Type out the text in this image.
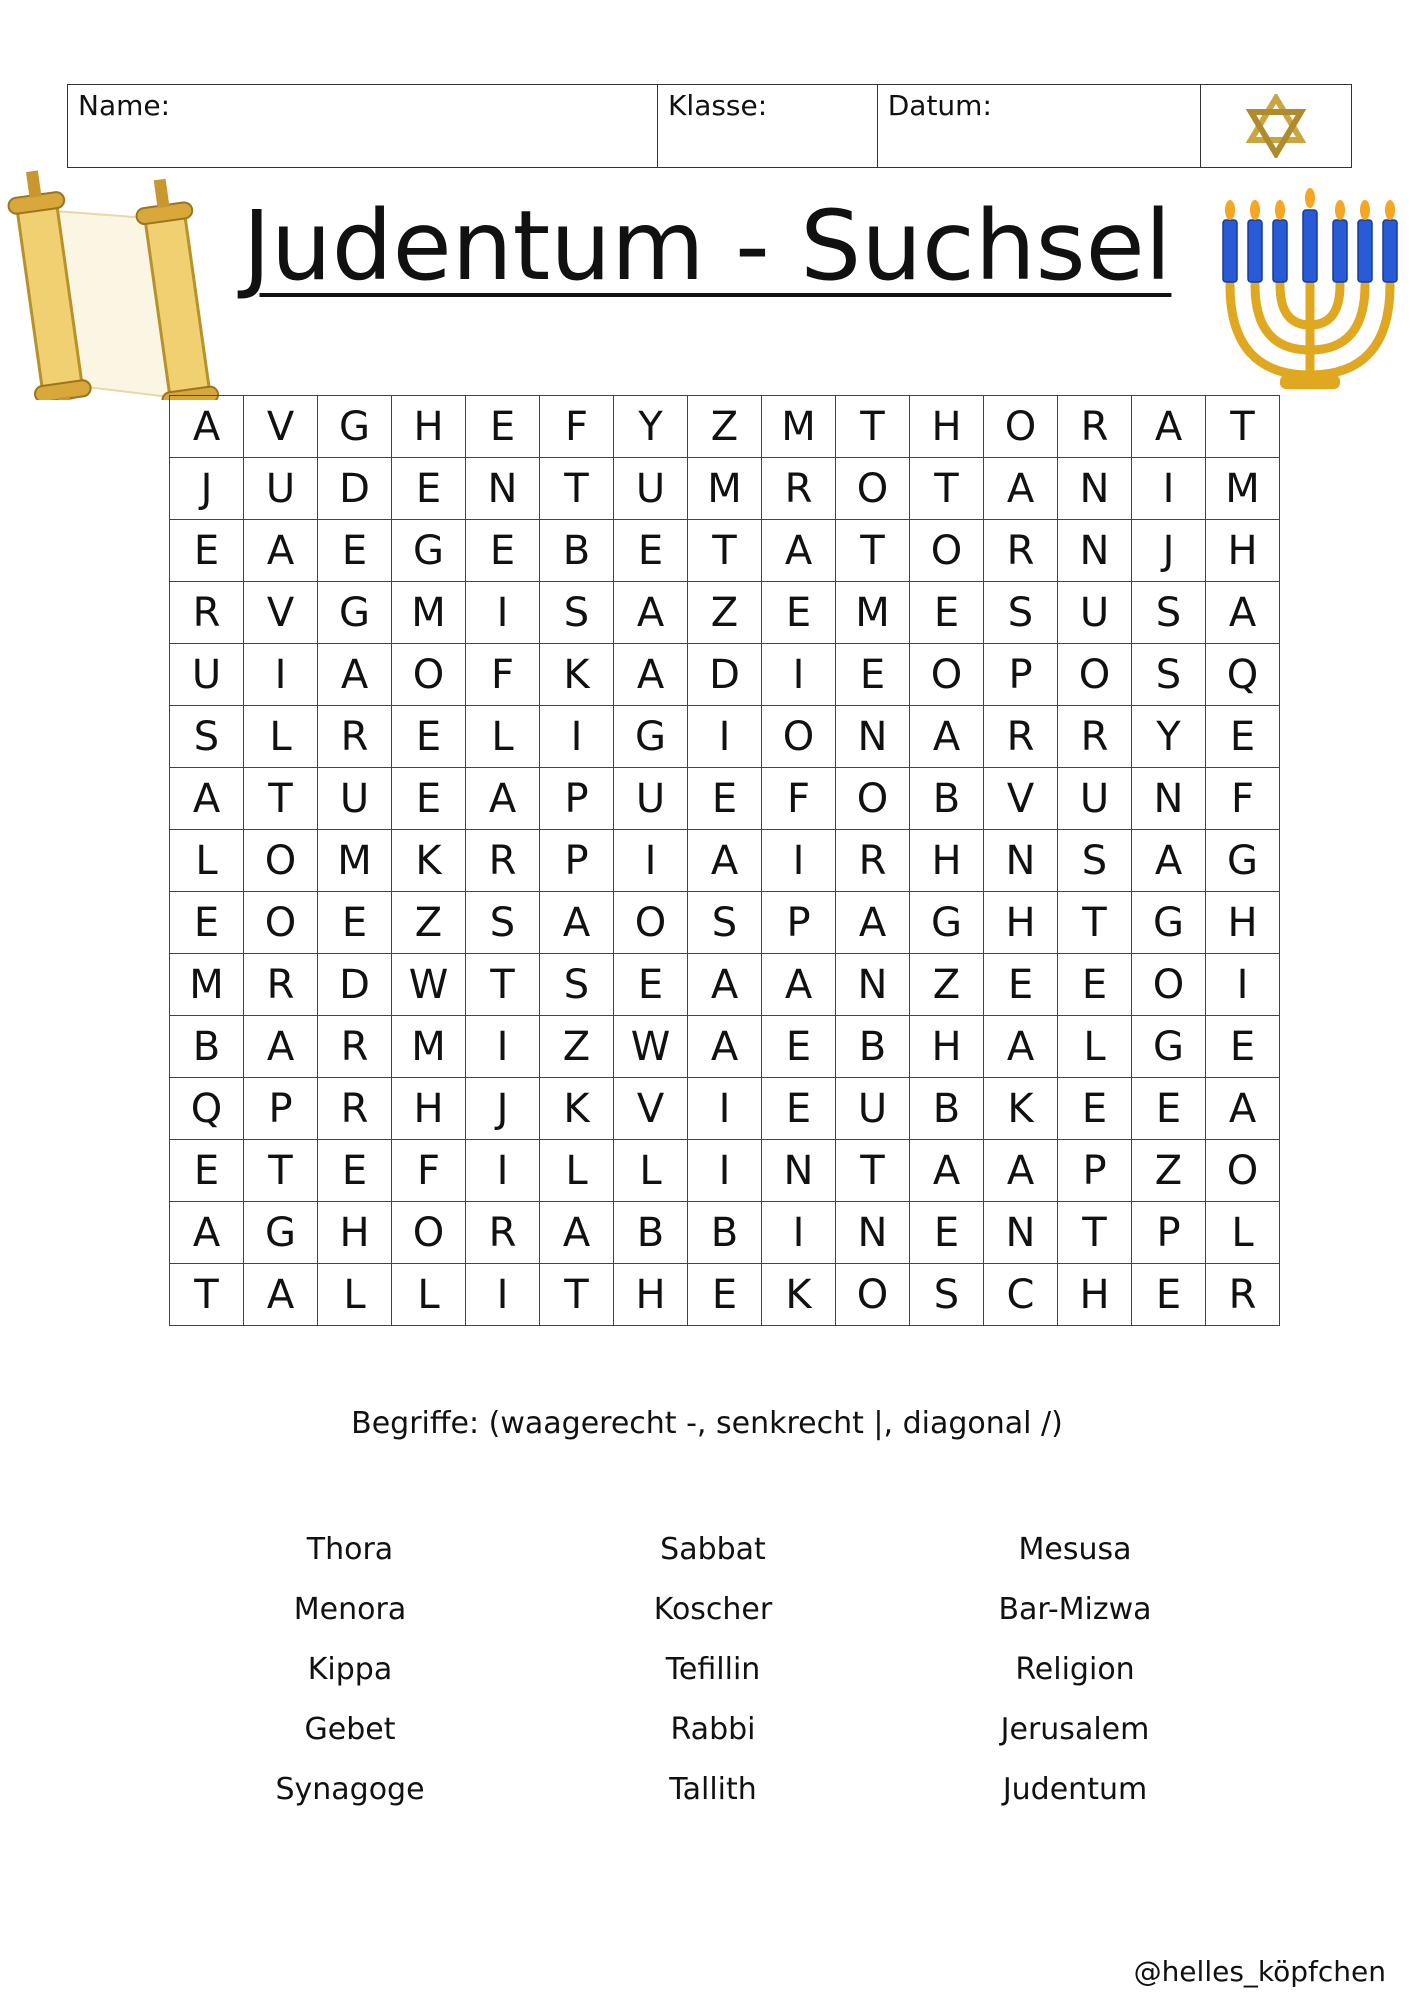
Name:	Klasse:	Datum:
Judentum - Suchsel
A	V	G	H	E	F	Y	Z	M	T	H	O	R	A	T
J	U	D	E	N	T	U	M	R	O	T	A	N	I	M
E	A	E	G	E	B	E	T	A	T	O	R	N	J	H
R	V	G	M	I	S	A	Z	E	M	E	S	U	S	A
U	I	A	O	F	K	A	D	I	E	O	P	O	S	Q
S	L	R	E	L	I	G	I	O	N	A	R	R	Y	E
A	T	U	E	A	P	U	E	F	O	B	V	U	N	F
L	O	M	K	R	P	I	A	I	R	H	N	S	A	G
E	O	E	Z	S	A	O	S	P	A	G	H	T	G	H
M	R	D	W	T	S	E	A	A	N	Z	E	E	O	I
B	A	R	M	I	Z	W	A	E	B	H	A	L	G	E
Q	P	R	H	J	K	V	I	E	U	B	K	E	E	A
E	T	E	F	I	L	L	I	N	T	A	A	P	Z	O
A	G	H	O	R	A	B	B	I	N	E	N	T	P	L
T	A	L	L	I	T	H	E	K	O	S	C	H	E	R
Begriffe: (waagerecht -, senkrecht |, diagonal /)
Thora
Menora
Kippa
Gebet
Synagoge
Sabbat
Koscher
Tefillin
Rabbi
Tallith
Mesusa
Bar-Mizwa
Religion
Jerusalem
Judentum
@helles_köpfchen
